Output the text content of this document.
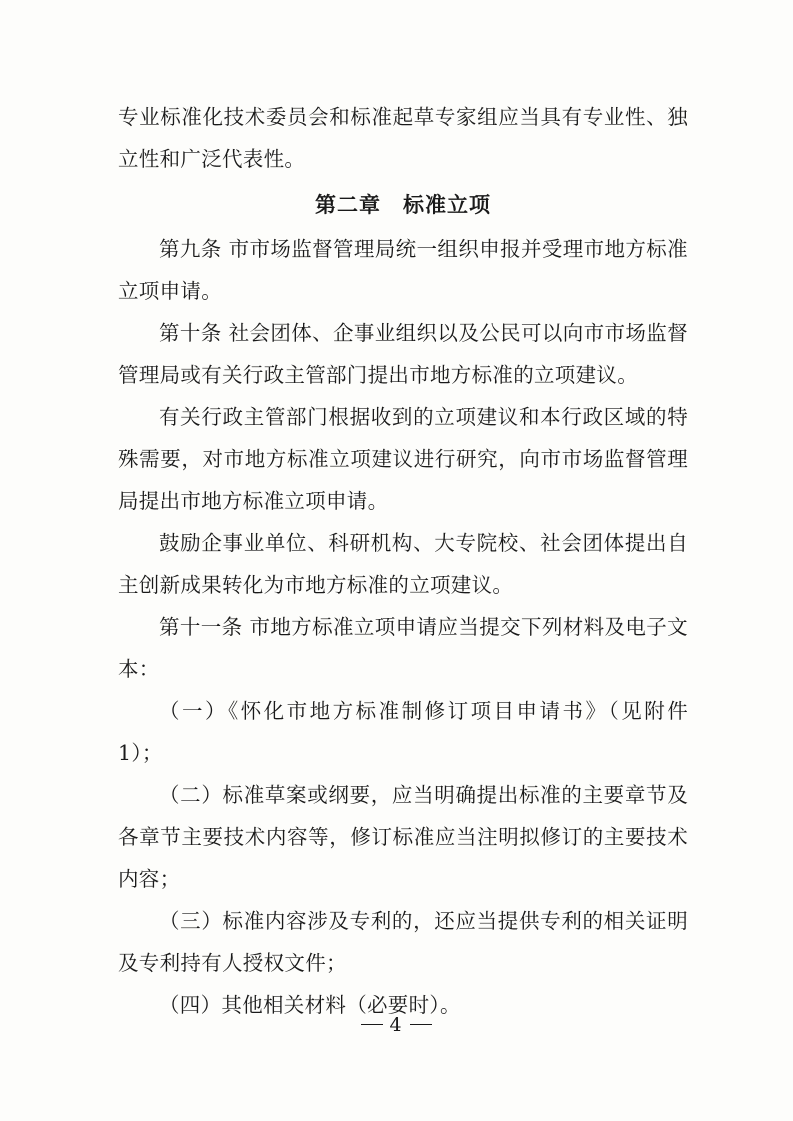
专业标准化技术委员会和标准起草专家组应当具有专业性、独立性和广泛代表性。

第二章 标准立项

第九条 市市场监督管理局统一组织申报并受理市地方标准立项申请。

第十条 社会团体、企事业组织以及公民可以向市市场监督管理局或有关行政主管部门提出市地方标准的立项建议。

有关行政主管部门根据收到的立项建议和本行政区域的特殊需要，对市地方标准立项建议进行研究，向市市场监督管理局提出市地方标准立项申请。

鼓励企事业单位、科研机构、大专院校、社会团体提出自主创新成果转化为市地方标准的立项建议。

第十一条 市地方标准立项申请应当提交下列材料及电子文本：

（一）《怀化市地方标准制修订项目申请书》（见附件 1）；

（二）标准草案或纲要，应当明确提出标准的主要章节及各章节主要技术内容等，修订标准应当注明拟修订的主要技术内容；

（三）标准内容涉及专利的，还应当提供专利的相关证明及专利持有人授权文件；

（四）其他相关材料（必要时）。

4
